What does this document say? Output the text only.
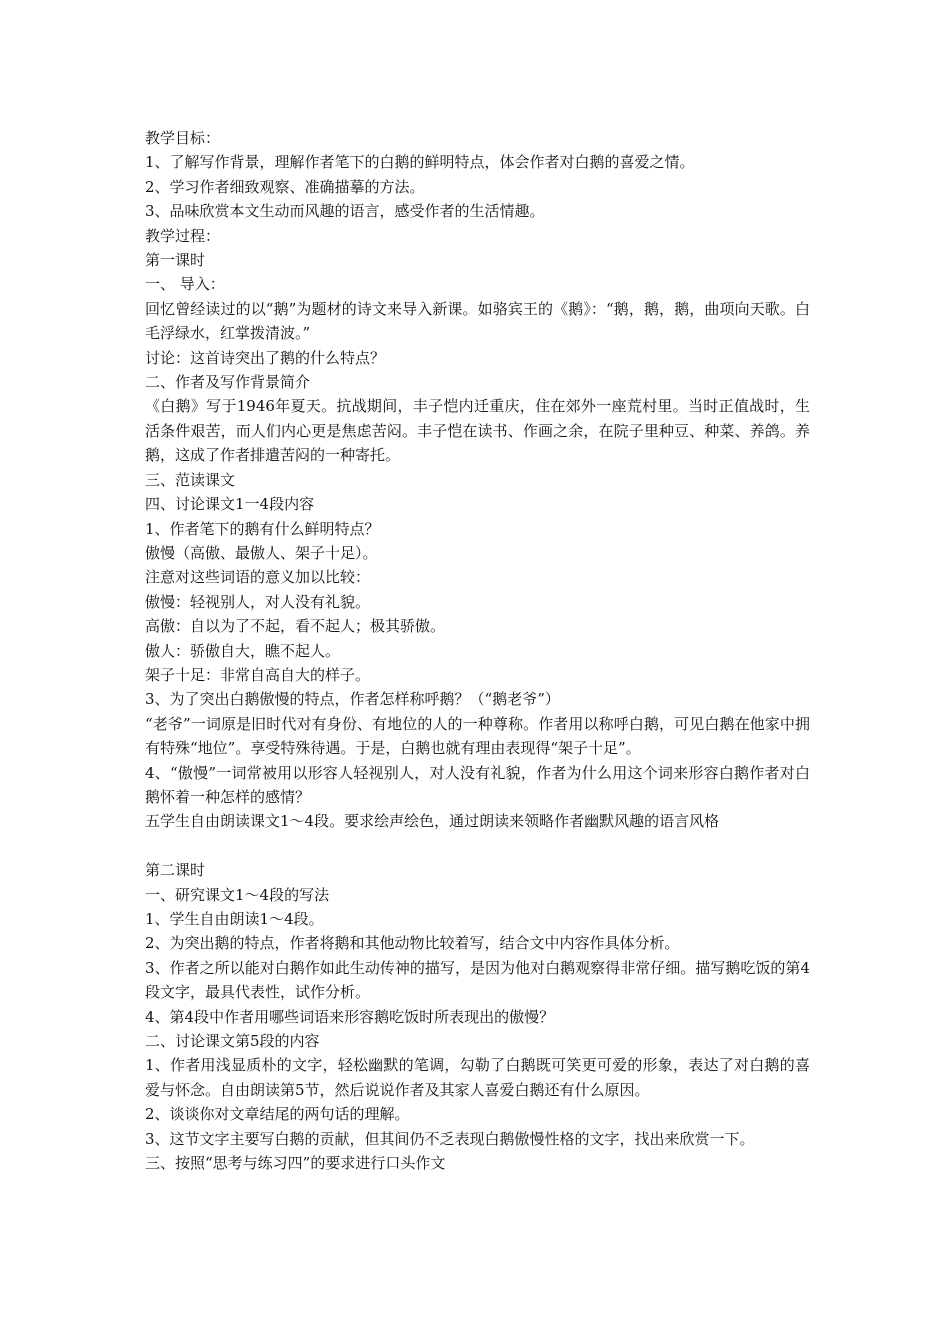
教学目标：

1、了解写作背景，理解作者笔下的白鹅的鲜明特点，体会作者对白鹅的喜爱之情。

2、学习作者细致观察、准确描摹的方法。

3、品味欣赏本文生动而风趣的语言，感受作者的生活情趣。

教学过程：

第一课时

一、 导入：

回忆曾经读过的以“鹅”为题材的诗文来导入新课。如骆宾王的《鹅》：“鹅，鹅，鹅，曲项向天歌。白毛浮绿水，红掌拨清波。”

讨论：这首诗突出了鹅的什么特点？

二、作者及写作背景简介

《白鹅》写于1946年夏天。抗战期间，丰子恺内迁重庆，住在郊外一座荒村里。当时正值战时，生活条件艰苦，而人们内心更是焦虑苦闷。丰子恺在读书、作画之余，在院子里种豆、种菜、养鸽。养鹅，这成了作者排遣苦闷的一种寄托。

三、范读课文

四、讨论课文1一4段内容

1、作者笔下的鹅有什么鲜明特点？

傲慢（高傲、最傲人、架子十足）。

注意对这些词语的意义加以比较：

傲慢：轻视别人，对人没有礼貌。

高傲：自以为了不起，看不起人；极其骄傲。

傲人：骄傲自大，瞧不起人。

架子十足：非常自高自大的样子。

3、为了突出白鹅傲慢的特点，作者怎样称呼鹅？（“鹅老爷”）

“老爷”一词原是旧时代对有身份、有地位的人的一种尊称。作者用以称呼白鹅，可见白鹅在他家中拥有特殊“地位”。享受特殊待遇。于是，白鹅也就有理由表现得“架子十足”。

4、“傲慢”一词常被用以形容人轻视别人，对人没有礼貌，作者为什么用这个词来形容白鹅作者对白鹅怀着一种怎样的感情？

五学生自由朗读课文1～4段。要求绘声绘色，通过朗读来领略作者幽默风趣的语言风格

第二课时

一、研究课文1～4段的写法

1、学生自由朗读1～4段。

2、为突出鹅的特点，作者将鹅和其他动物比较着写，结合文中内容作具体分析。

3、作者之所以能对白鹅作如此生动传神的描写，是因为他对白鹅观察得非常仔细。描写鹅吃饭的第4段文字，最具代表性，试作分析。

4、第4段中作者用哪些词语来形容鹅吃饭时所表现出的傲慢？

二、讨论课文第5段的内容

1、作者用浅显质朴的文字，轻松幽默的笔调，勾勒了白鹅既可笑更可爱的形象，表达了对白鹅的喜爱与怀念。自由朗读第5节，然后说说作者及其家人喜爱白鹅还有什么原因。

2、谈谈你对文章结尾的两句话的理解。

3、这节文字主要写白鹅的贡献，但其间仍不乏表现白鹅傲慢性格的文字，找出来欣赏一下。

三、按照“思考与练习四”的要求进行口头作文
